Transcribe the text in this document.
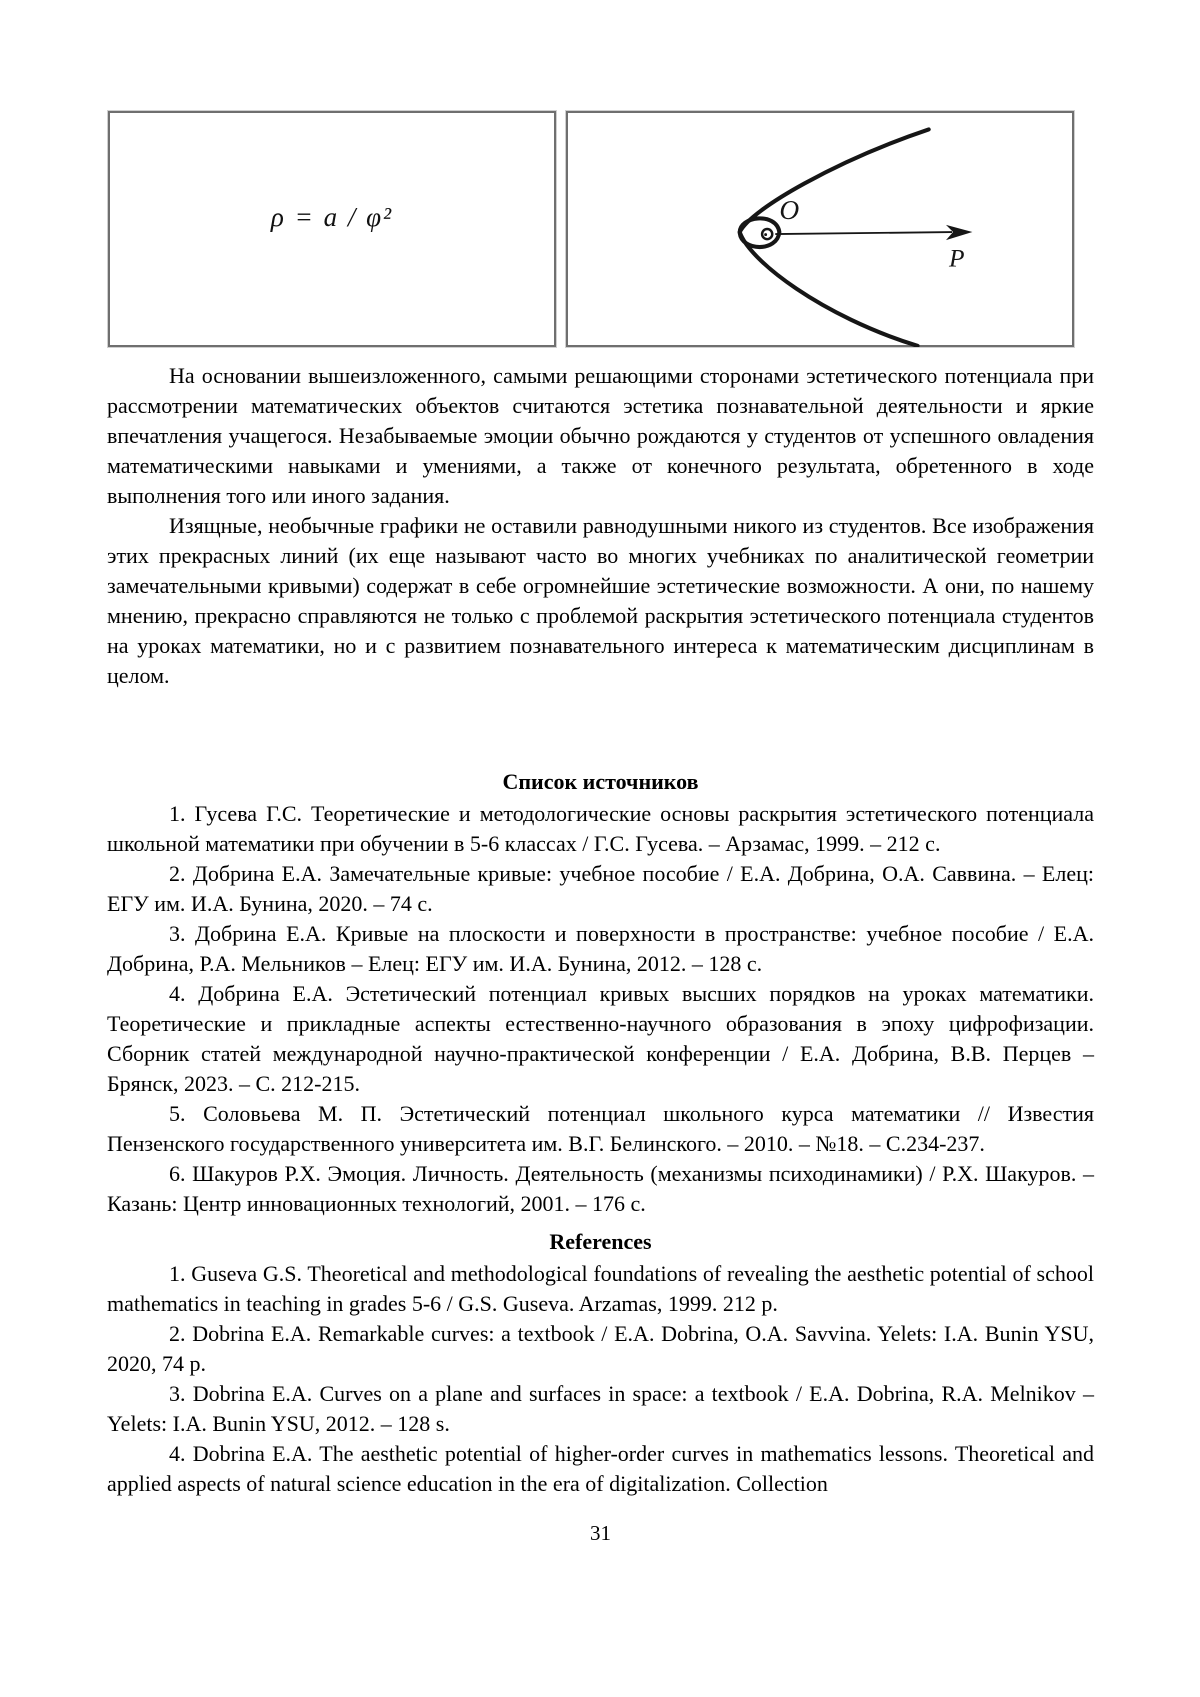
ρ = a / φ²	O
P

На основании вышеизложенного, самыми решающими сторонами эстетического потенциала при рассмотрении математических объектов считаются эстетика познавательной деятельности и яркие впечатления учащегося. Незабываемые эмоции обычно рождаются у студентов от успешного овладения математическими навыками и умениями, а также от конечного результата, обретенного в ходе выполнения того или иного задания.

Изящные, необычные графики не оставили равнодушными никого из студентов. Все изображения этих прекрасных линий (их еще называют часто во многих учебниках по аналитической геометрии замечательными кривыми) содержат в себе огромнейшие эстетические возможности. А они, по нашему мнению, прекрасно справляются не только с проблемой раскрытия эстетического потенциала студентов на уроках математики, но и с развитием познавательного интереса к математическим дисциплинам в целом.

Список источников

1. Гусева Г.С. Теоретические и методологические основы раскрытия эстетического потенциала школьной математики при обучении в 5-6 классах / Г.С. Гусева. – Арзамас, 1999. – 212 с.

2. Добрина Е.А. Замечательные кривые: учебное пособие / Е.А. Добрина, О.А. Саввина. – Елец: ЕГУ им. И.А. Бунина, 2020. – 74 с.

3. Добрина Е.А. Кривые на плоскости и поверхности в пространстве: учебное пособие / Е.А. Добрина, Р.А. Мельников – Елец: ЕГУ им. И.А. Бунина, 2012. – 128 с.

4. Добрина Е.А. Эстетический потенциал кривых высших порядков на уроках математики. Теоретические и прикладные аспекты естественно-научного образования в эпоху цифрофизации. Сборник статей международной научно-практической конференции / Е.А. Добрина, В.В. Перцев – Брянск, 2023. – С. 212-215.

5. Соловьева М. П. Эстетический потенциал школьного курса математики // Известия Пензенского государственного университета им. В.Г. Белинского. – 2010. – №18. – С.234-237.

6. Шакуров Р.Х. Эмоция. Личность. Деятельность (механизмы психодинамики) / Р.Х. Шакуров. – Казань: Центр инновационных технологий, 2001. – 176 с.

References

1. Guseva G.S. Theoretical and methodological foundations of revealing the aesthetic potential of school mathematics in teaching in grades 5-6 / G.S. Guseva. Arzamas, 1999. 212 p.

2. Dobrina E.A. Remarkable curves: a textbook / E.A. Dobrina, O.A. Savvina. Yelets: I.A. Bunin YSU, 2020, 74 p.

3. Dobrina E.A. Curves on a plane and surfaces in space: a textbook / E.A. Dobrina, R.A. Melnikov – Yelets: I.A. Bunin YSU, 2012. – 128 s.

4. Dobrina E.A. The aesthetic potential of higher-order curves in mathematics lessons. Theoretical and applied aspects of natural science education in the era of digitalization. Collection

31
